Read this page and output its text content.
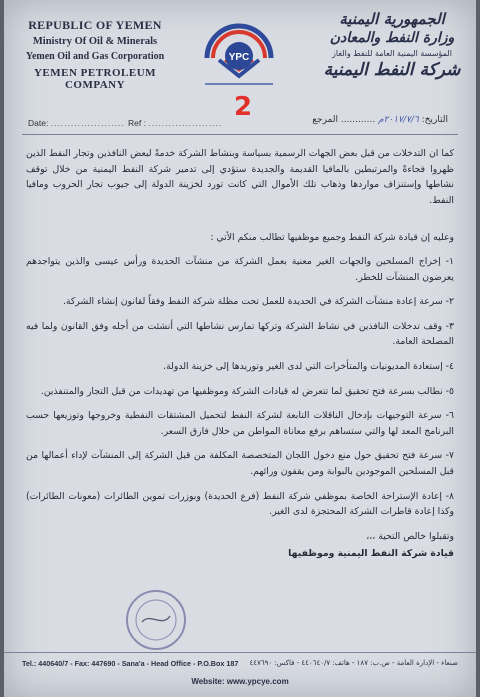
REPUBLIC OF YEMEN
Ministry Of Oil & Minerals
Yemen Oil and Gas Corporation
YEMEN PETROLEUM COMPANY
YPC
الجمهورية اليمنية
وزارة النفط والمعادن
المؤسسة اليمنية العامة للنفط والغاز
شركة النفط اليمنية
2
Date: ...................... Ref : ......................	التاريخ: ٢٠١٧/٧/٦م ............ المرجع

كما ان التدخلات من قبل بعض الجهات الرسمية بسياسة وبنشاط الشركة خدمةً لبعض النافذين وتجار النفط الذين ظهروا فجاءةً والمرتبطين بالمافيا القديمة والجديدة ستؤدي إلى تدمير شركة النفط اليمنية من خلال توقف نشاطها وإستنزاف مواردها وذهاب تلك الأموال التي كانت تورد لخزينة الدولة إلى جيوب تجار الحروب ومافيا النفط.

وعليه إن قيادة شركة النفط وجميع موظفيها تطالب منكم الأتي :

١- إخراج المسلحين والجهات الغير معنية بعمل الشركة من منشآت الحديدة ورأس عيسى والذين يتواجدهم يعرضون المنشآت للخطر.

٢- سرعة إعادة منشآت الشركة في الحديدة للعمل تحت مظلة شركة النفط وفقاً لقانون إنشاء الشركة.

٣- وقف تدخلات النافذين في نشاط الشركة وتركها تمارس نشاطها التي أنشئت من أجله وفق القانون ولما فيه المصلحة العامة.

٤- إستعادة المديونيات والمتأخرات التي لدى الغير وتوريدها إلى خزينة الدولة.

٥- نطالب بسرعة فتح تحقيق لما تتعرض له قيادات الشركة وموظفيها من تهديدات من قبل التجار والمتنفذين.

٦- سرعة التوجيهات بإدخال الناقلات التابعة لشركة النفط لتحميل المشتقات النفطية وخروجها وتوزيعها حسب البرنامج المعد لها والتي ستساهم برفع معاناة المواطن من خلال فارق السعر.

٧- سرعة فتح تحقيق حول منع دخول اللجان المتخصصة المكلفة من قبل الشركة إلى المنشآت لإداء أعمالها من قبل المسلحين الموجودين بالبوابة ومن يقفون ورائهم.

٨- إعادة الإستراحة الخاصة بموظفي شركة النفط (فرع الحديدة) وبوزرات تموين الطائرات (معونات الطائرات) وكذا إعادة قاطرات الشركة المحتجزة لدى الغير.

وتقبلوا خالص التحية ،،،

قيادة شركة النفط اليمنية وموظفيها

Tel.: 440640/7 - Fax: 447690 - Sana'a - Head Office - P.O.Box 187 صنعاء - الإدارة العامة - ص.ب: ١٨٧ - هاتف: ٤٤٠٦٤٠/٧ - فاكس: ٤٤٧٦٩٠
Website: www.ypcye.com
